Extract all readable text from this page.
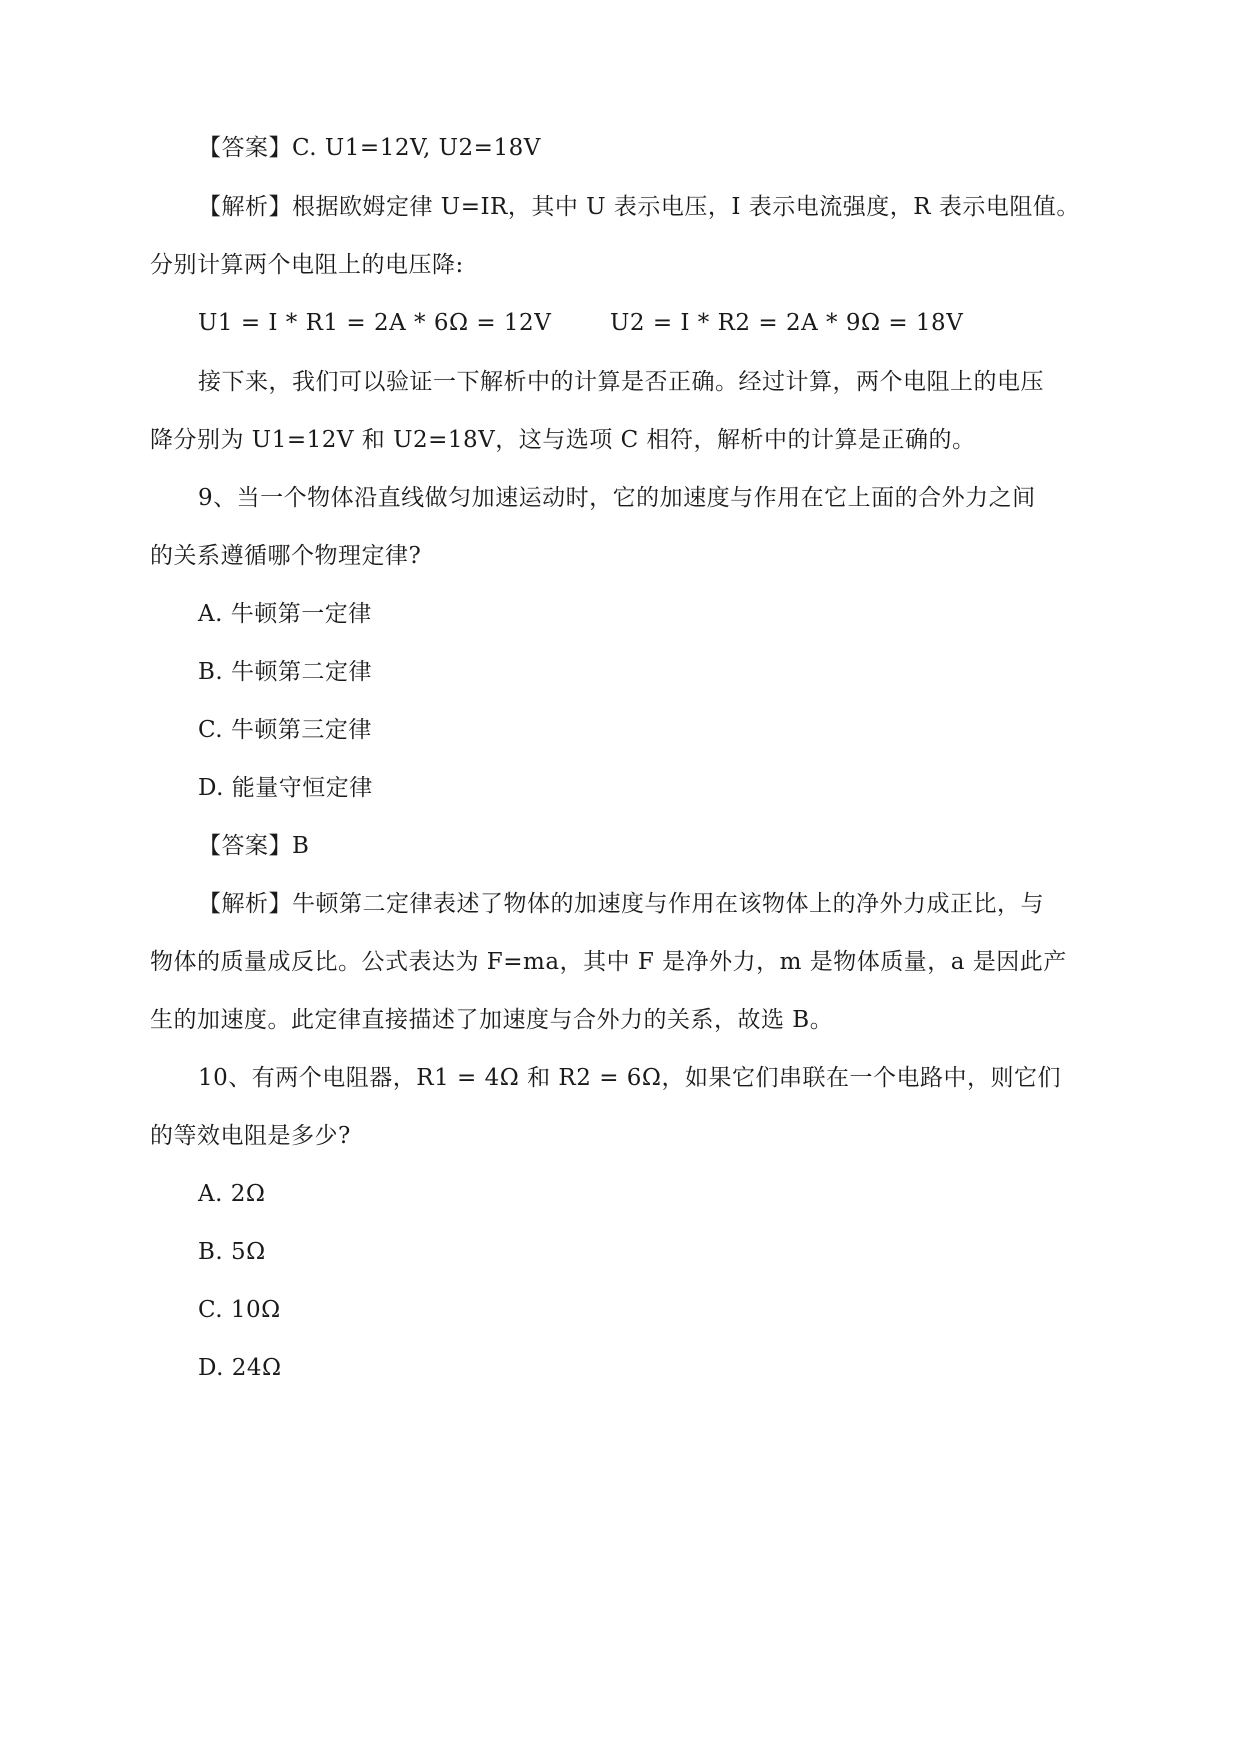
【答案】C. U1=12V, U2=18V
【解析】根据欧姆定律 U=IR，其中 U 表示电压，I 表示电流强度，R 表示电阻值。
分别计算两个电阻上的电压降:
U1 = I * R1 = 2A * 6Ω = 12V	U2 = I * R2 = 2A * 9Ω = 18V
接下来，我们可以验证一下解析中的计算是否正确。经过计算，两个电阻上的电压
降分别为 U1=12V 和 U2=18V，这与选项 C 相符，解析中的计算是正确的。
9、当一个物体沿直线做匀加速运动时，它的加速度与作用在它上面的合外力之间
的关系遵循哪个物理定律?
A. 牛顿第一定律
B. 牛顿第二定律
C. 牛顿第三定律
D. 能量守恒定律
【答案】B
【解析】牛顿第二定律表述了物体的加速度与作用在该物体上的净外力成正比，与
物体的质量成反比。公式表达为 F=ma，其中 F 是净外力，m 是物体质量，a 是因此产
生的加速度。此定律直接描述了加速度与合外力的关系，故选 B。
10、有两个电阻器，R1 = 4Ω 和 R2 = 6Ω，如果它们串联在一个电路中，则它们
的等效电阻是多少?
A. 2Ω
B. 5Ω
C. 10Ω
D. 24Ω
